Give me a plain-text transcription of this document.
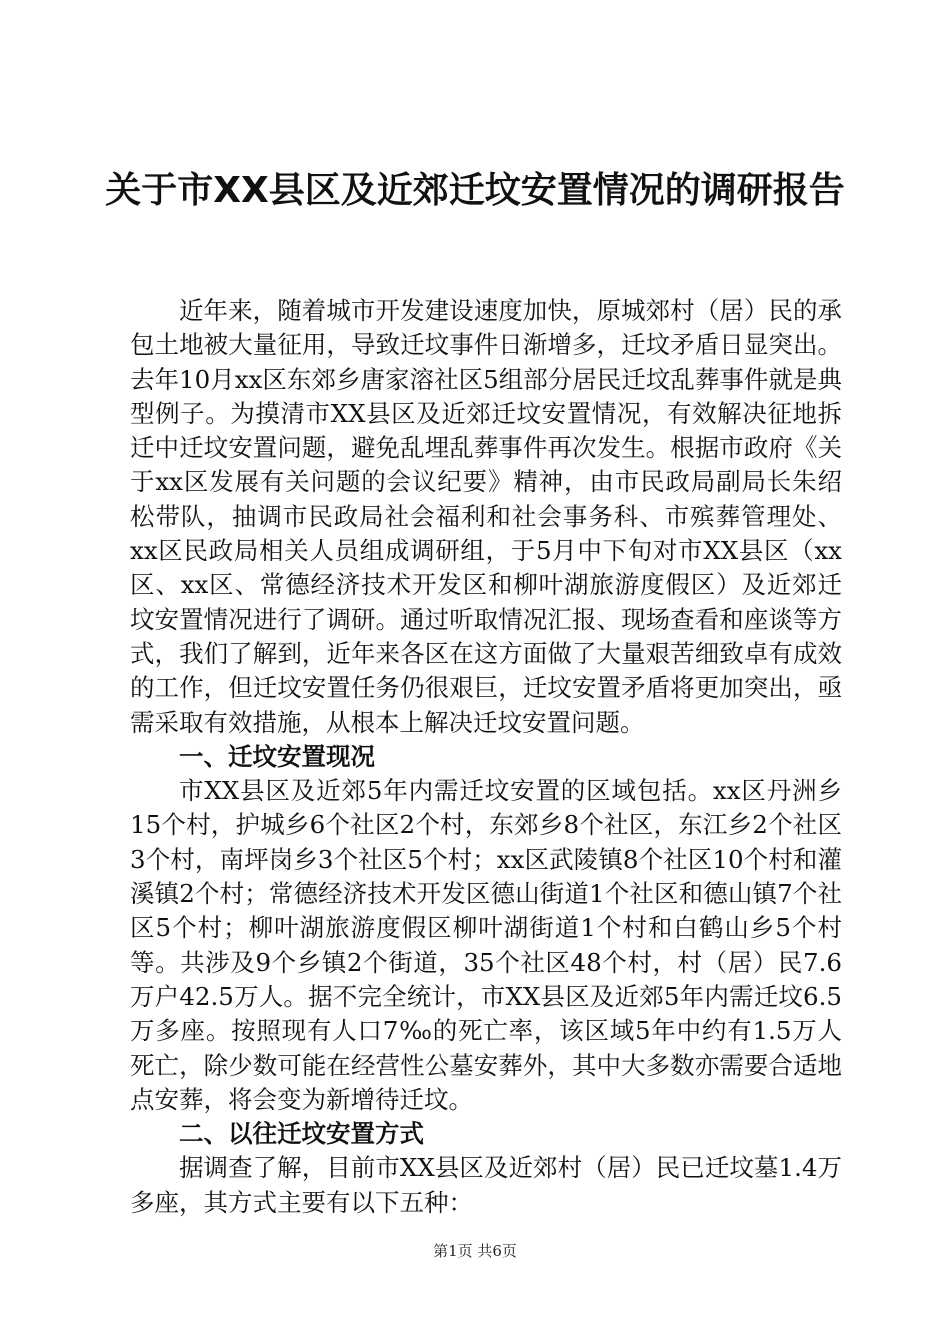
关于市XX县区及近郊迁坟安置情况的调研报告

近年来，随着城市开发建设速度加快，原城郊村（居）民的承包土地被大量征用，导致迁坟事件日渐增多，迁坟矛盾日显突出。去年10月xx区东郊乡唐家溶社区5组部分居民迁坟乱葬事件就是典型例子。为摸清市XX县区及近郊迁坟安置情况，有效解决征地拆迁中迁坟安置问题，避免乱埋乱葬事件再次发生。根据市政府《关于xx区发展有关问题的会议纪要》精神，由市民政局副局长朱绍松带队，抽调市民政局社会福利和社会事务科、市殡葬管理处、xx区民政局相关人员组成调研组，于5月中下旬对市XX县区（xx区、xx区、常德经济技术开发区和柳叶湖旅游度假区）及近郊迁坟安置情况进行了调研。通过听取情况汇报、现场查看和座谈等方式，我们了解到，近年来各区在这方面做了大量艰苦细致卓有成效的工作，但迁坟安置任务仍很艰巨，迁坟安置矛盾将更加突出，亟需采取有效措施，从根本上解决迁坟安置问题。

一、迁坟安置现况

市XX县区及近郊5年内需迁坟安置的区域包括。xx区丹洲乡15个村，护城乡6个社区2个村，东郊乡8个社区，东江乡2个社区3个村，南坪岗乡3个社区5个村；xx区武陵镇8个社区10个村和灌溪镇2个村；常德经济技术开发区德山街道1个社区和德山镇7个社区5个村；柳叶湖旅游度假区柳叶湖街道1个村和白鹤山乡5个村等。共涉及9个乡镇2个街道，35个社区48个村，村（居）民7.6万户42.5万人。据不完全统计，市XX县区及近郊5年内需迁坟6.5万多座。按照现有人口7‰的死亡率，该区域5年中约有1.5万人死亡，除少数可能在经营性公墓安葬外，其中大多数亦需要合适地点安葬，将会变为新增待迁坟。

二、以往迁坟安置方式

据调查了解，目前市XX县区及近郊村（居）民已迁坟墓1.4万多座，其方式主要有以下五种：

第1页 共6页
